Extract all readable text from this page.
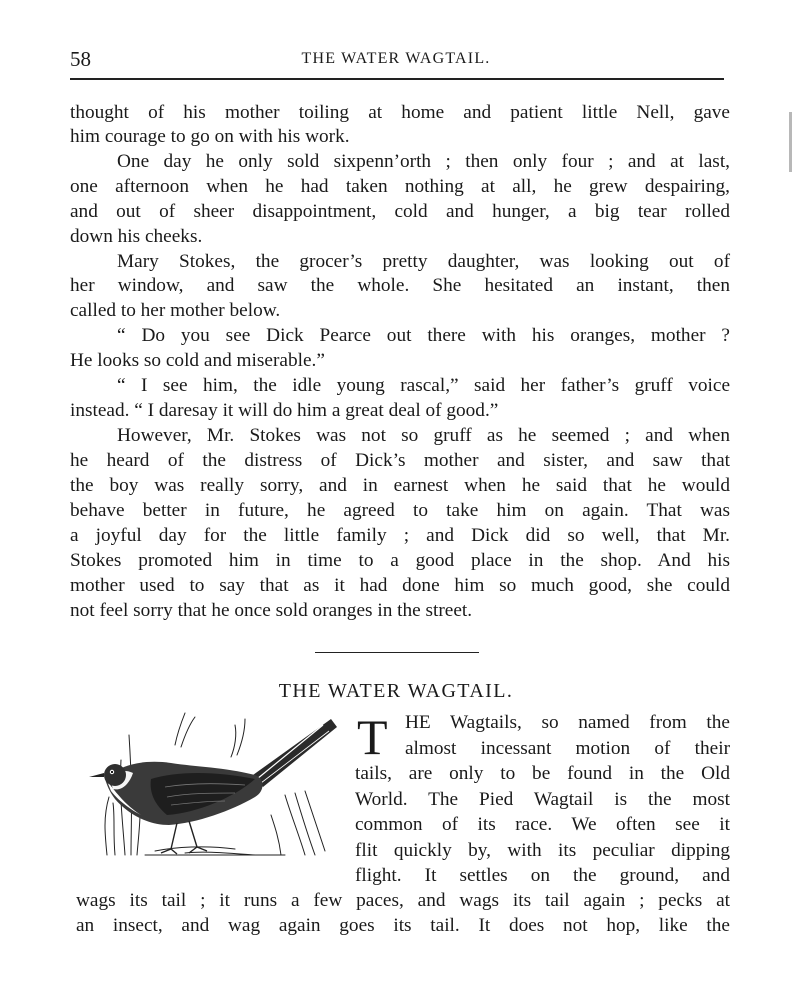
58	THE WATER WAGTAIL.
thought of his mother toiling at home and patient little Nell, gave
him courage to go on with his work.
One day he only sold sixpenn’orth ; then only four ; and at last,
one afternoon when he had taken nothing at all, he grew despairing,
and out of sheer disappointment, cold and hunger, a big tear rolled
down his cheeks.
Mary Stokes, the grocer’s pretty daughter, was looking out of
her window, and saw the whole. She hesitated an instant, then
called to her mother below.
“ Do you see Dick Pearce out there with his oranges, mother ?
He looks so cold and miserable.”
“ I see him, the idle young rascal,” said her father’s gruff voice
instead. “ I daresay it will do him a great deal of good.”
However, Mr. Stokes was not so gruff as he seemed ; and when
he heard of the distress of Dick’s mother and sister, and saw that
the boy was really sorry, and in earnest when he said that he would
behave better in future, he agreed to take him on again. That was
a joyful day for the little family ; and Dick did so well, that Mr.
Stokes promoted him in time to a good place in the shop. And his
mother used to say that as it had done him so much good, she could
not feel sorry that he once sold oranges in the street.
THE WATER WAGTAIL.
T HE Wagtails, so named from the
almost incessant motion of their
tails, are only to be found in the Old
World. The Pied Wagtail is the most
common of its race. We often see it
flit quickly by, with its peculiar dipping
flight. It settles on the ground, and
wags its tail ; it runs a few paces, and wags its tail again ; pecks at
an insect, and wag again goes its tail. It does not hop, like the
